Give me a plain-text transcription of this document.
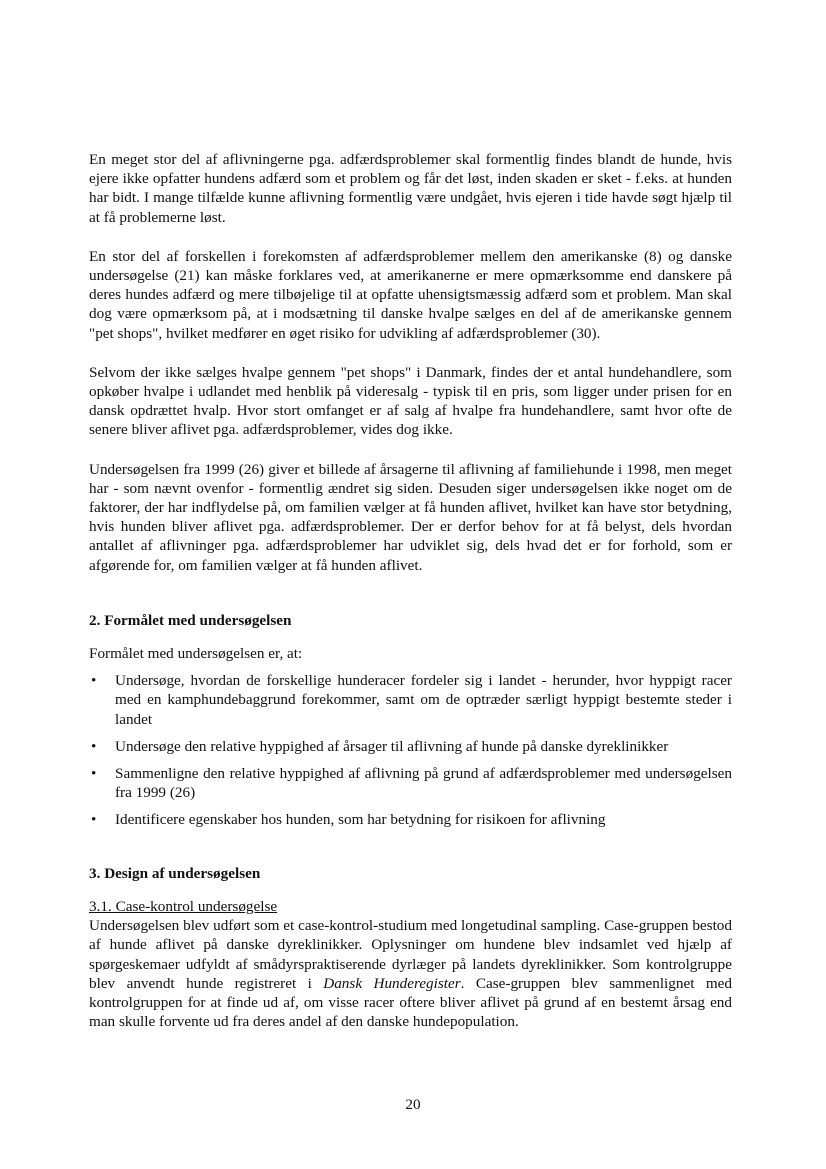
En meget stor del af aflivningerne pga. adfærdsproblemer skal formentlig findes blandt de hunde, hvis ejere ikke opfatter hundens adfærd som et problem og får det løst, inden skaden er sket - f.eks. at hunden har bidt. I mange tilfælde kunne aflivning formentlig være undgået, hvis ejeren i tide havde søgt hjælp til at få problemerne løst.

En stor del af forskellen i forekomsten af adfærdsproblemer mellem den amerikanske (8) og danske undersøgelse (21) kan måske forklares ved, at amerikanerne er mere opmærksomme end danskere på deres hundes adfærd og mere tilbøjelige til at opfatte uhensigtsmæssig adfærd som et problem. Man skal dog være opmærksom på, at i modsætning til danske hvalpe sælges en del af de amerikanske gennem "pet shops", hvilket medfører en øget risiko for udvikling af adfærdsproblemer (30).

Selvom der ikke sælges hvalpe gennem "pet shops" i Danmark, findes der et antal hundehandlere, som opkøber hvalpe i udlandet med henblik på videresalg - typisk til en pris, som ligger under prisen for en dansk opdrættet hvalp. Hvor stort omfanget er af salg af hvalpe fra hundehandlere, samt hvor ofte de senere bliver aflivet pga. adfærdsproblemer, vides dog ikke.

Undersøgelsen fra 1999 (26) giver et billede af årsagerne til aflivning af familiehunde i 1998, men meget har - som nævnt ovenfor - formentlig ændret sig siden. Desuden siger undersøgelsen ikke noget om de faktorer, der har indflydelse på, om familien vælger at få hunden aflivet, hvilket kan have stor betydning, hvis hunden bliver aflivet pga. adfærdsproblemer. Der er derfor behov for at få belyst, dels hvordan antallet af aflivninger pga. adfærdsproblemer har udviklet sig, dels hvad det er for forhold, som er afgørende for, om familien vælger at få hunden aflivet.

2. Formålet med undersøgelsen

Formålet med undersøgelsen er, at:

• Undersøge, hvordan de forskellige hunderacer fordeler sig i landet - herunder, hvor hyppigt racer med en kamphundebaggrund forekommer, samt om de optræder særligt hyppigt bestemte steder i landet
• Undersøge den relative hyppighed af årsager til aflivning af hunde på danske dyreklinikker
• Sammenligne den relative hyppighed af aflivning på grund af adfærdsproblemer med undersøgelsen fra 1999 (26)
• Identificere egenskaber hos hunden, som har betydning for risikoen for aflivning
3. Design af undersøgelsen

3.1. Case-kontrol undersøgelse
Undersøgelsen blev udført som et case-kontrol-studium med longetudinal sampling. Case-gruppen bestod af hunde aflivet på danske dyreklinikker. Oplysninger om hundene blev indsamlet ved hjælp af spørgeskemaer udfyldt af smådyrspraktiserende dyrlæger på landets dyreklinikker. Som kontrolgruppe blev anvendt hunde registreret i Dansk Hunderegister. Case-gruppen blev sammenlignet med kontrolgruppen for at finde ud af, om visse racer oftere bliver aflivet på grund af en bestemt årsag end man skulle forvente ud fra deres andel af den danske hundepopulation.

20
